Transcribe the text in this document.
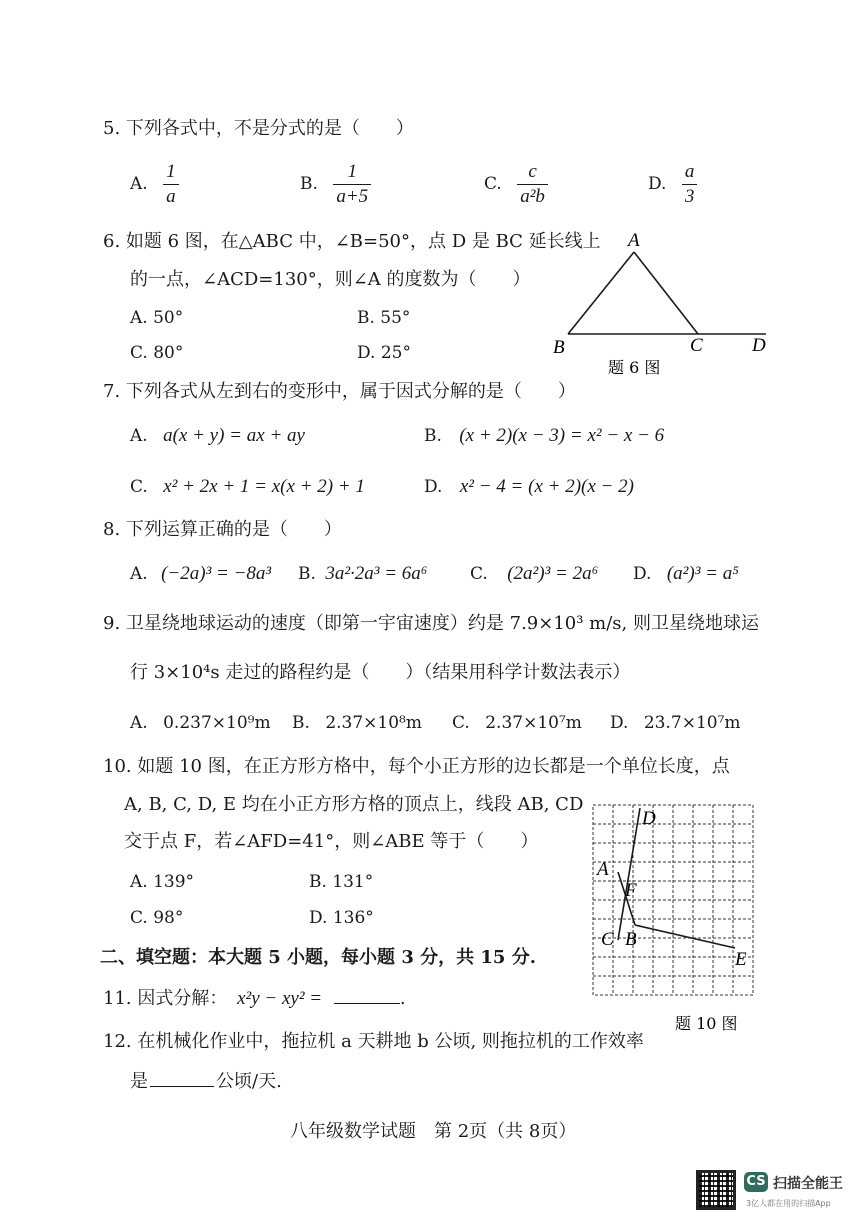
5. 下列各式中，不是分式的是（　　）
A. $\frac{1}{a}$	B. $\frac{1}{a+5}$	C. $\frac{c}{\text{a²b}}$	D. $\frac{a}{3}$
6. 如题 6 图，在△ABC 中，∠B=50°，点 D 是 BC 延长线上
的一点，∠ACD=130°，则∠A 的度数为（　　）
A. 50°	B. 55°
C. 80°	D. 25°
A
B	C	D
题 6 图
7. 下列各式从左到右的变形中，属于因式分解的是（　　）
A. a(x + y) = ax + ay	B. (x + 2)(x − 3) = x² − x − 6
C. x² + 2x + 1 = x(x + 2) + 1	D. x² − 4 = (x + 2)(x − 2)
8. 下列运算正确的是（　　）
A. (−2a)³ = −8a³ B. 3a²·2a³ = 6a⁶	C. (2a²)³ = 2a⁶ D. (a²)³ = a⁵
9. 卫星绕地球运动的速度（即第一宇宙速度）约是 7.9×10³ m/s, 则卫星绕地球运
行 3×10⁴s 走过的路程约是（　　）（结果用科学计数法表示）
A. 0.237×10⁹m B. 2.37×10⁸m C. 2.37×10⁷m D. 23.7×10⁷m
10. 如题 10 图，在正方形方格中，每个小正方形的边长都是一个单位长度，点
A, B, C, D, E 均在小正方形方格的顶点上，线段 AB, CD
交于点 F，若∠AFD=41°，则∠ABE 等于（　　）
A. 139°	B. 131°
C. 98°	D. 136°
D
A
F
C B
E
题 10 图
二、填空题：本大题 5 小题，每小题 3 分，共 15 分.
11. 因式分解： x²y − xy² =	.
12. 在机械化作业中，拖拉机 a 天耕地 b 公顷, 则拖拉机的工作效率
是	公顷/天.
八年级数学试题　第 2页（共 8页）
CS 扫描全能王
3亿人都在用的扫描App
